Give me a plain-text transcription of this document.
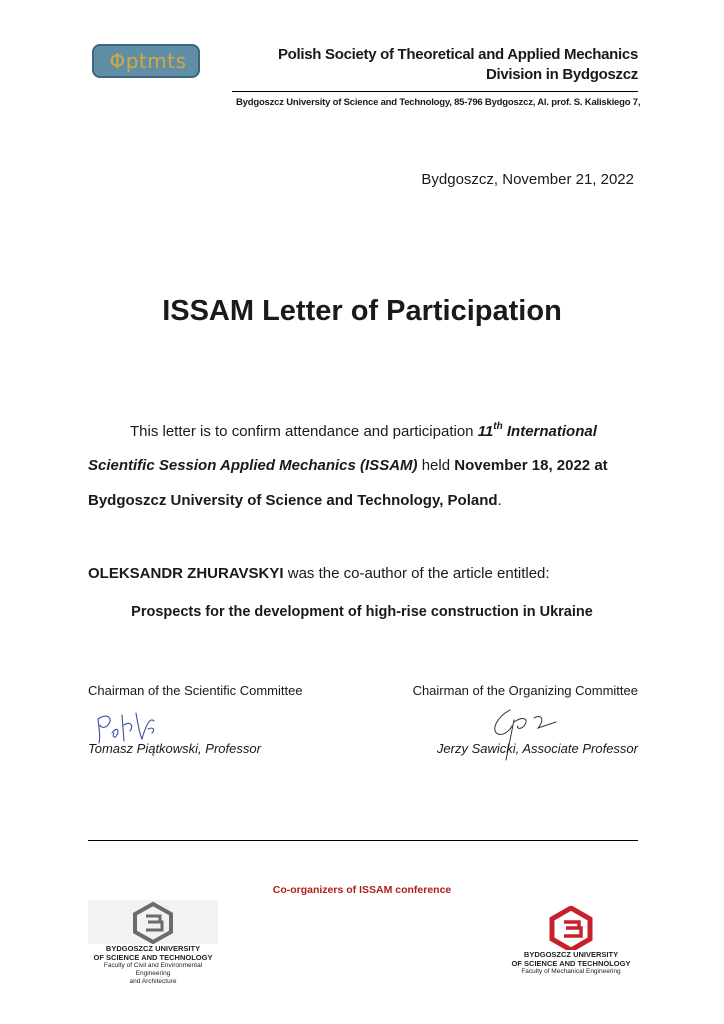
Φptmts	Polish Society of Theoretical and Applied Mechanics
Division in Bydgoszcz
Bydgoszcz University of Science and Technology, 85-796 Bydgoszcz, Al. prof. S. Kaliskiego 7,
Bydgoszcz, November 21, 2022
ISSAM Letter of Participation
This letter is to confirm attendance and participation 11th International
Scientific Session Applied Mechanics (ISSAM) held November 18, 2022 at
Bydgoszcz University of Science and Technology, Poland.
OLEKSANDR ZHURAVSKYI was the co-author of the article entitled:
Prospects for the development of high-rise construction in Ukraine
Chairman of the Scientific Committee	Chairman of the Organizing Committee
Tomasz Piątkowski, Professor	Jerzy Sawicki, Associate Professor
Co-organizers of ISSAM conference
BYDGOSZCZ UNIVERSITY
OF SCIENCE AND TECHNOLOGY
Faculty of Civil and Environmental Engineering
and Architecture
BYDGOSZCZ UNIVERSITY
OF SCIENCE AND TECHNOLOGY
Faculty of Mechanical Engineering
